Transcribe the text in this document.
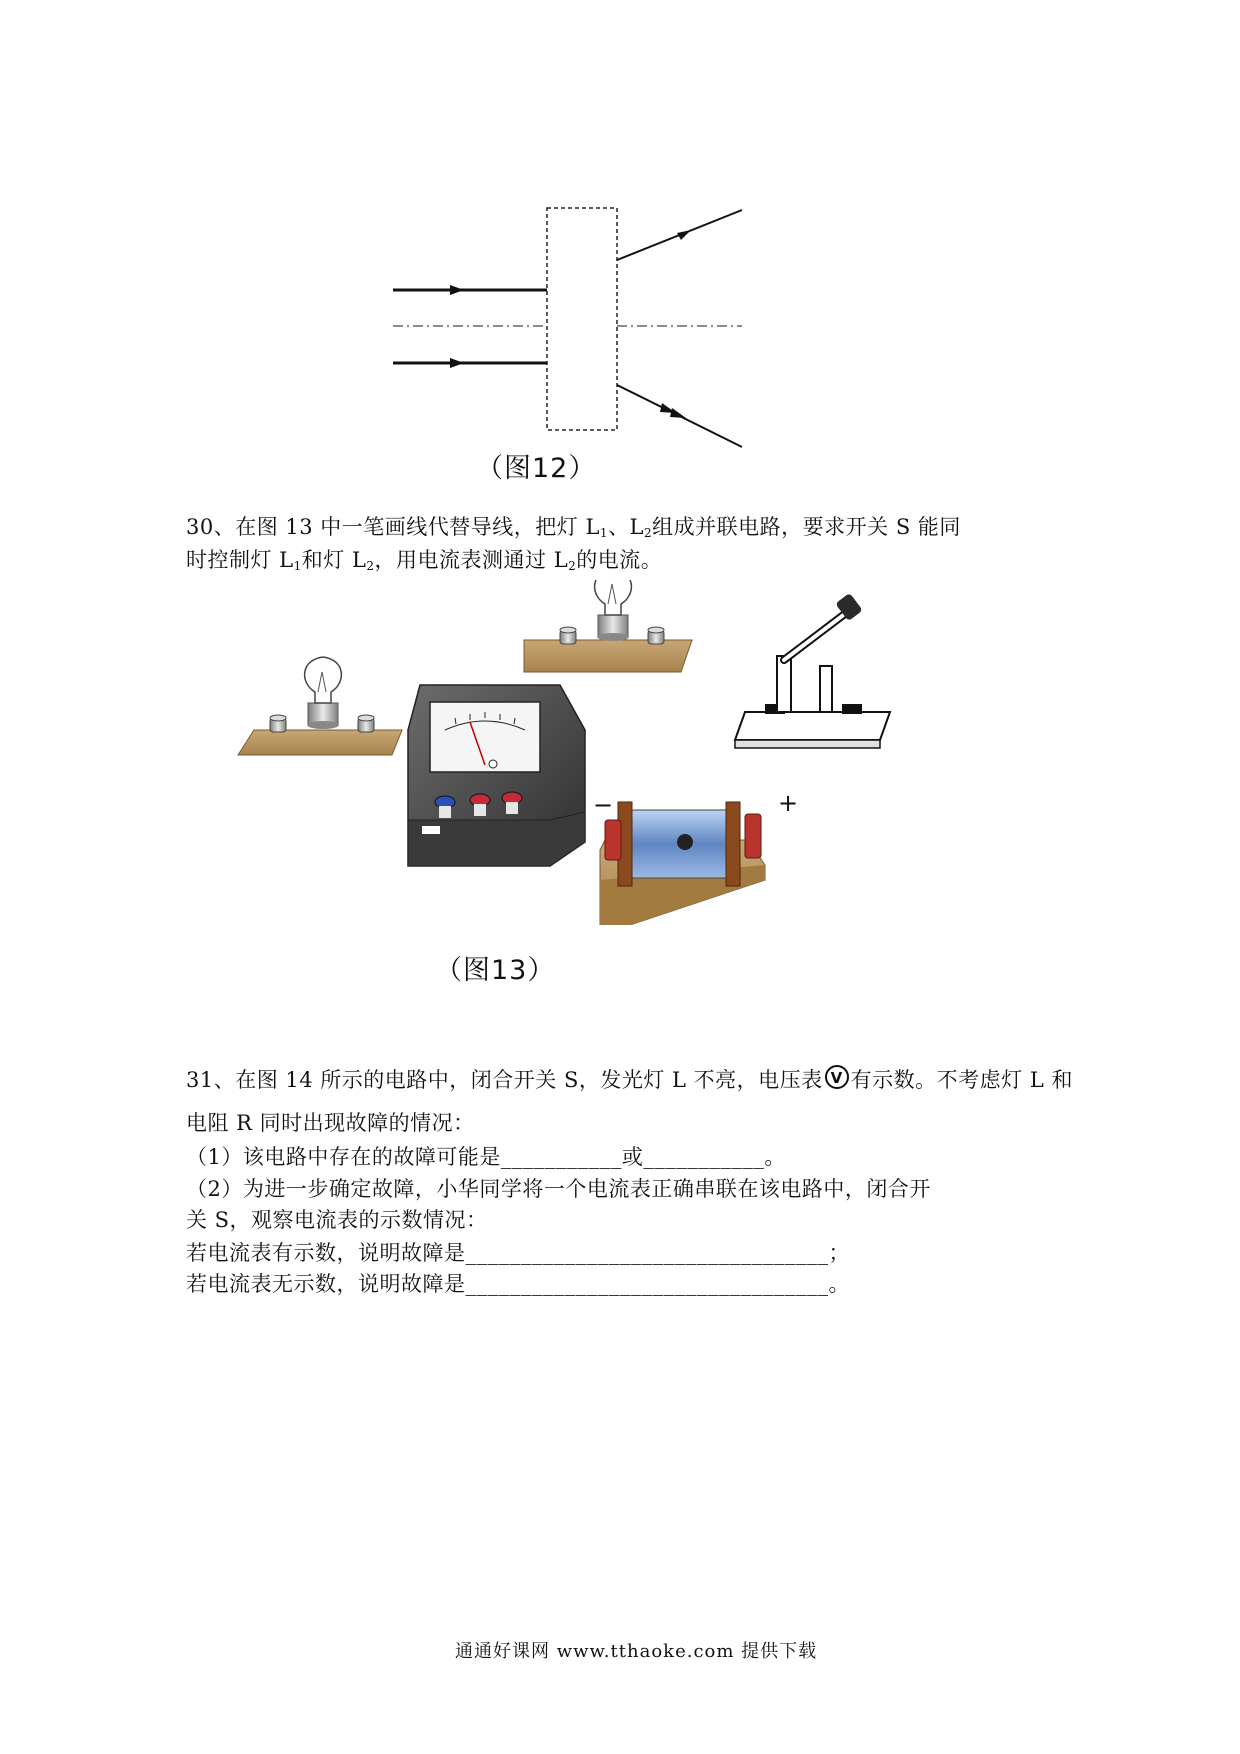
（图12）
30、在图 13 中一笔画线代替导线，把灯 $L_1$、$L_2$组成并联电路，要求开关 S 能同
时控制灯 $L_1$和灯 $L_2$，用电流表测通过 $L_2$的电流。
−	+
（图13）
31、在图 14 所示的电路中，闭合开关 S，发光灯 L 不亮，电压表 V 有示数。不考虑灯 L 和
电阻 R 同时出现故障的情况：
（1）该电路中存在的故障可能是___________或___________。
（2）为进一步确定故障，小华同学将一个电流表正确串联在该电路中，闭合开
关 S，观察电流表的示数情况：
若电流表有示数，说明故障是_________________________________；
若电流表无示数，说明故障是_________________________________。
通通好课网 www.tthaoke.com 提供下载
